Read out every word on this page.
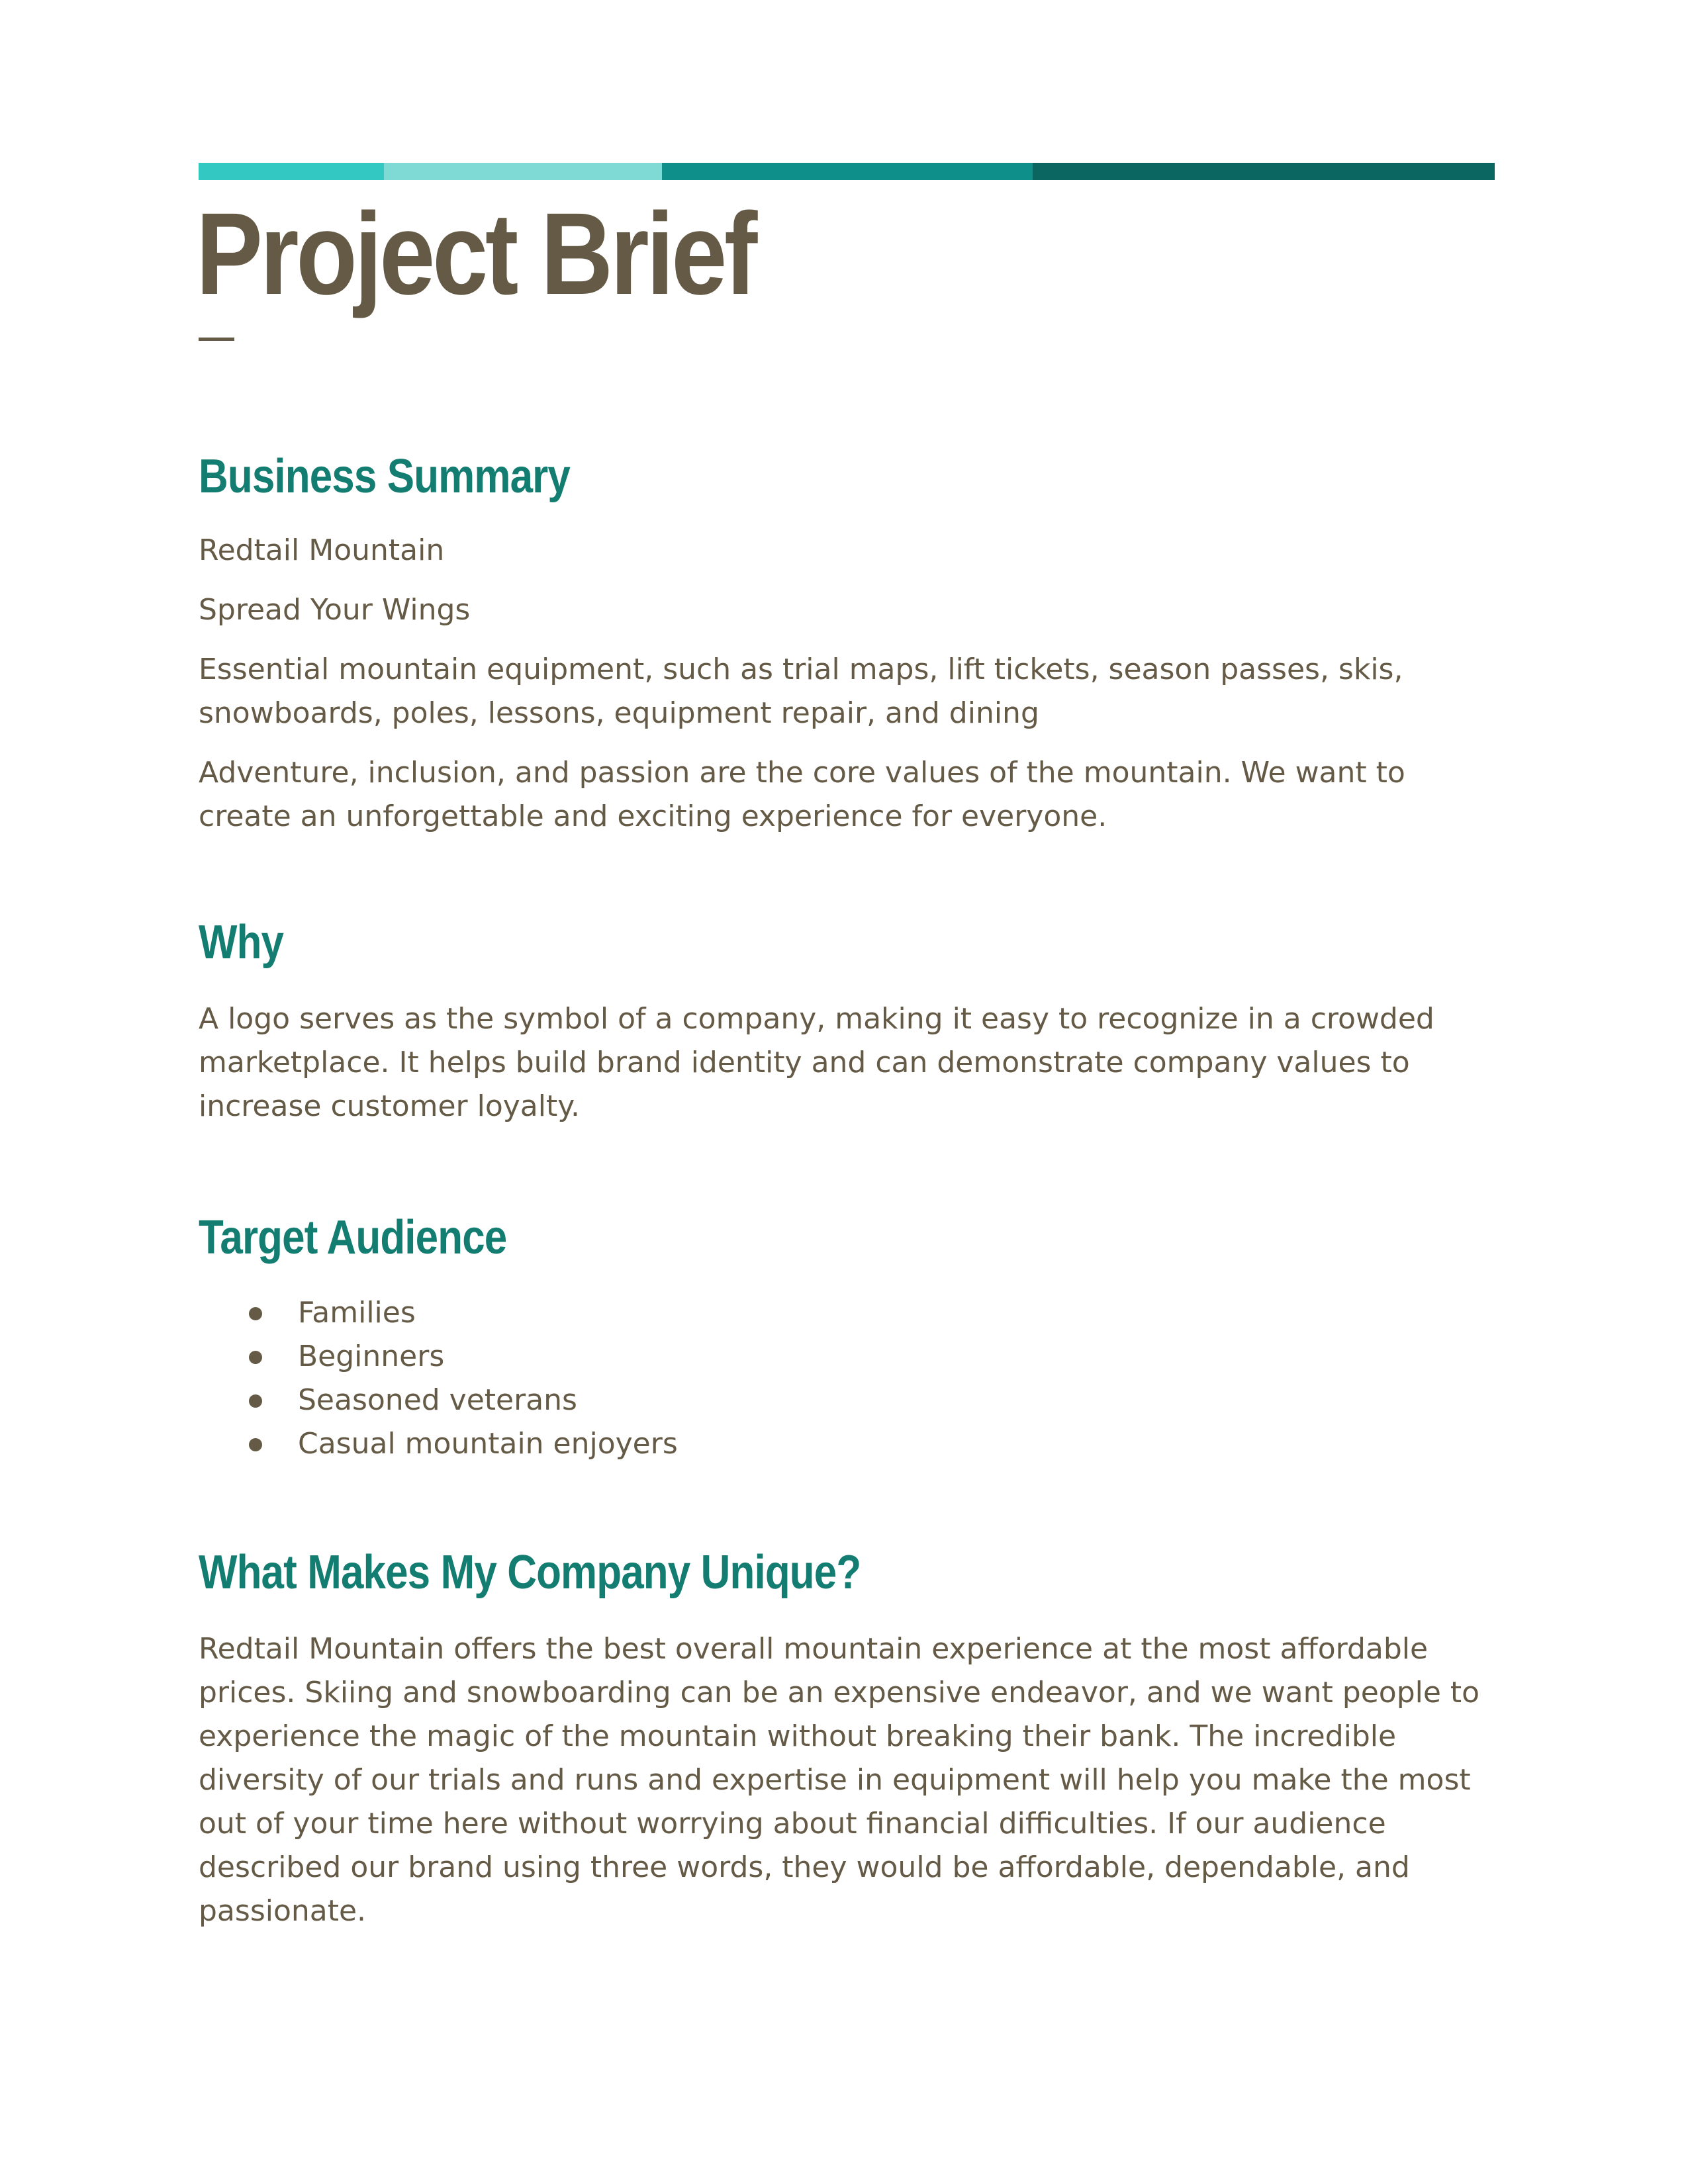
Project Brief
Business Summary

Redtail Mountain

Spread Your Wings

Essential mountain equipment, such as trial maps, lift tickets, season passes, skis, snowboards, poles, lessons, equipment repair, and dining

Adventure, inclusion, and passion are the core values of the mountain. We want to create an unforgettable and exciting experience for everyone.

Why

A logo serves as the symbol of a company, making it easy to recognize in a crowded marketplace. It helps build brand identity and can demonstrate company values to increase customer loyalty.

Target Audience
Families
Beginners
Seasoned veterans
Casual mountain enjoyers
What Makes My Company Unique?

Redtail Mountain offers the best overall mountain experience at the most affordable prices. Skiing and snowboarding can be an expensive endeavor, and we want people to experience the magic of the mountain without breaking their bank. The incredible diversity of our trials and runs and expertise in equipment will help you make the most out of your time here without worrying about financial difficulties. If our audience described our brand using three words, they would be affordable, dependable, and passionate.
